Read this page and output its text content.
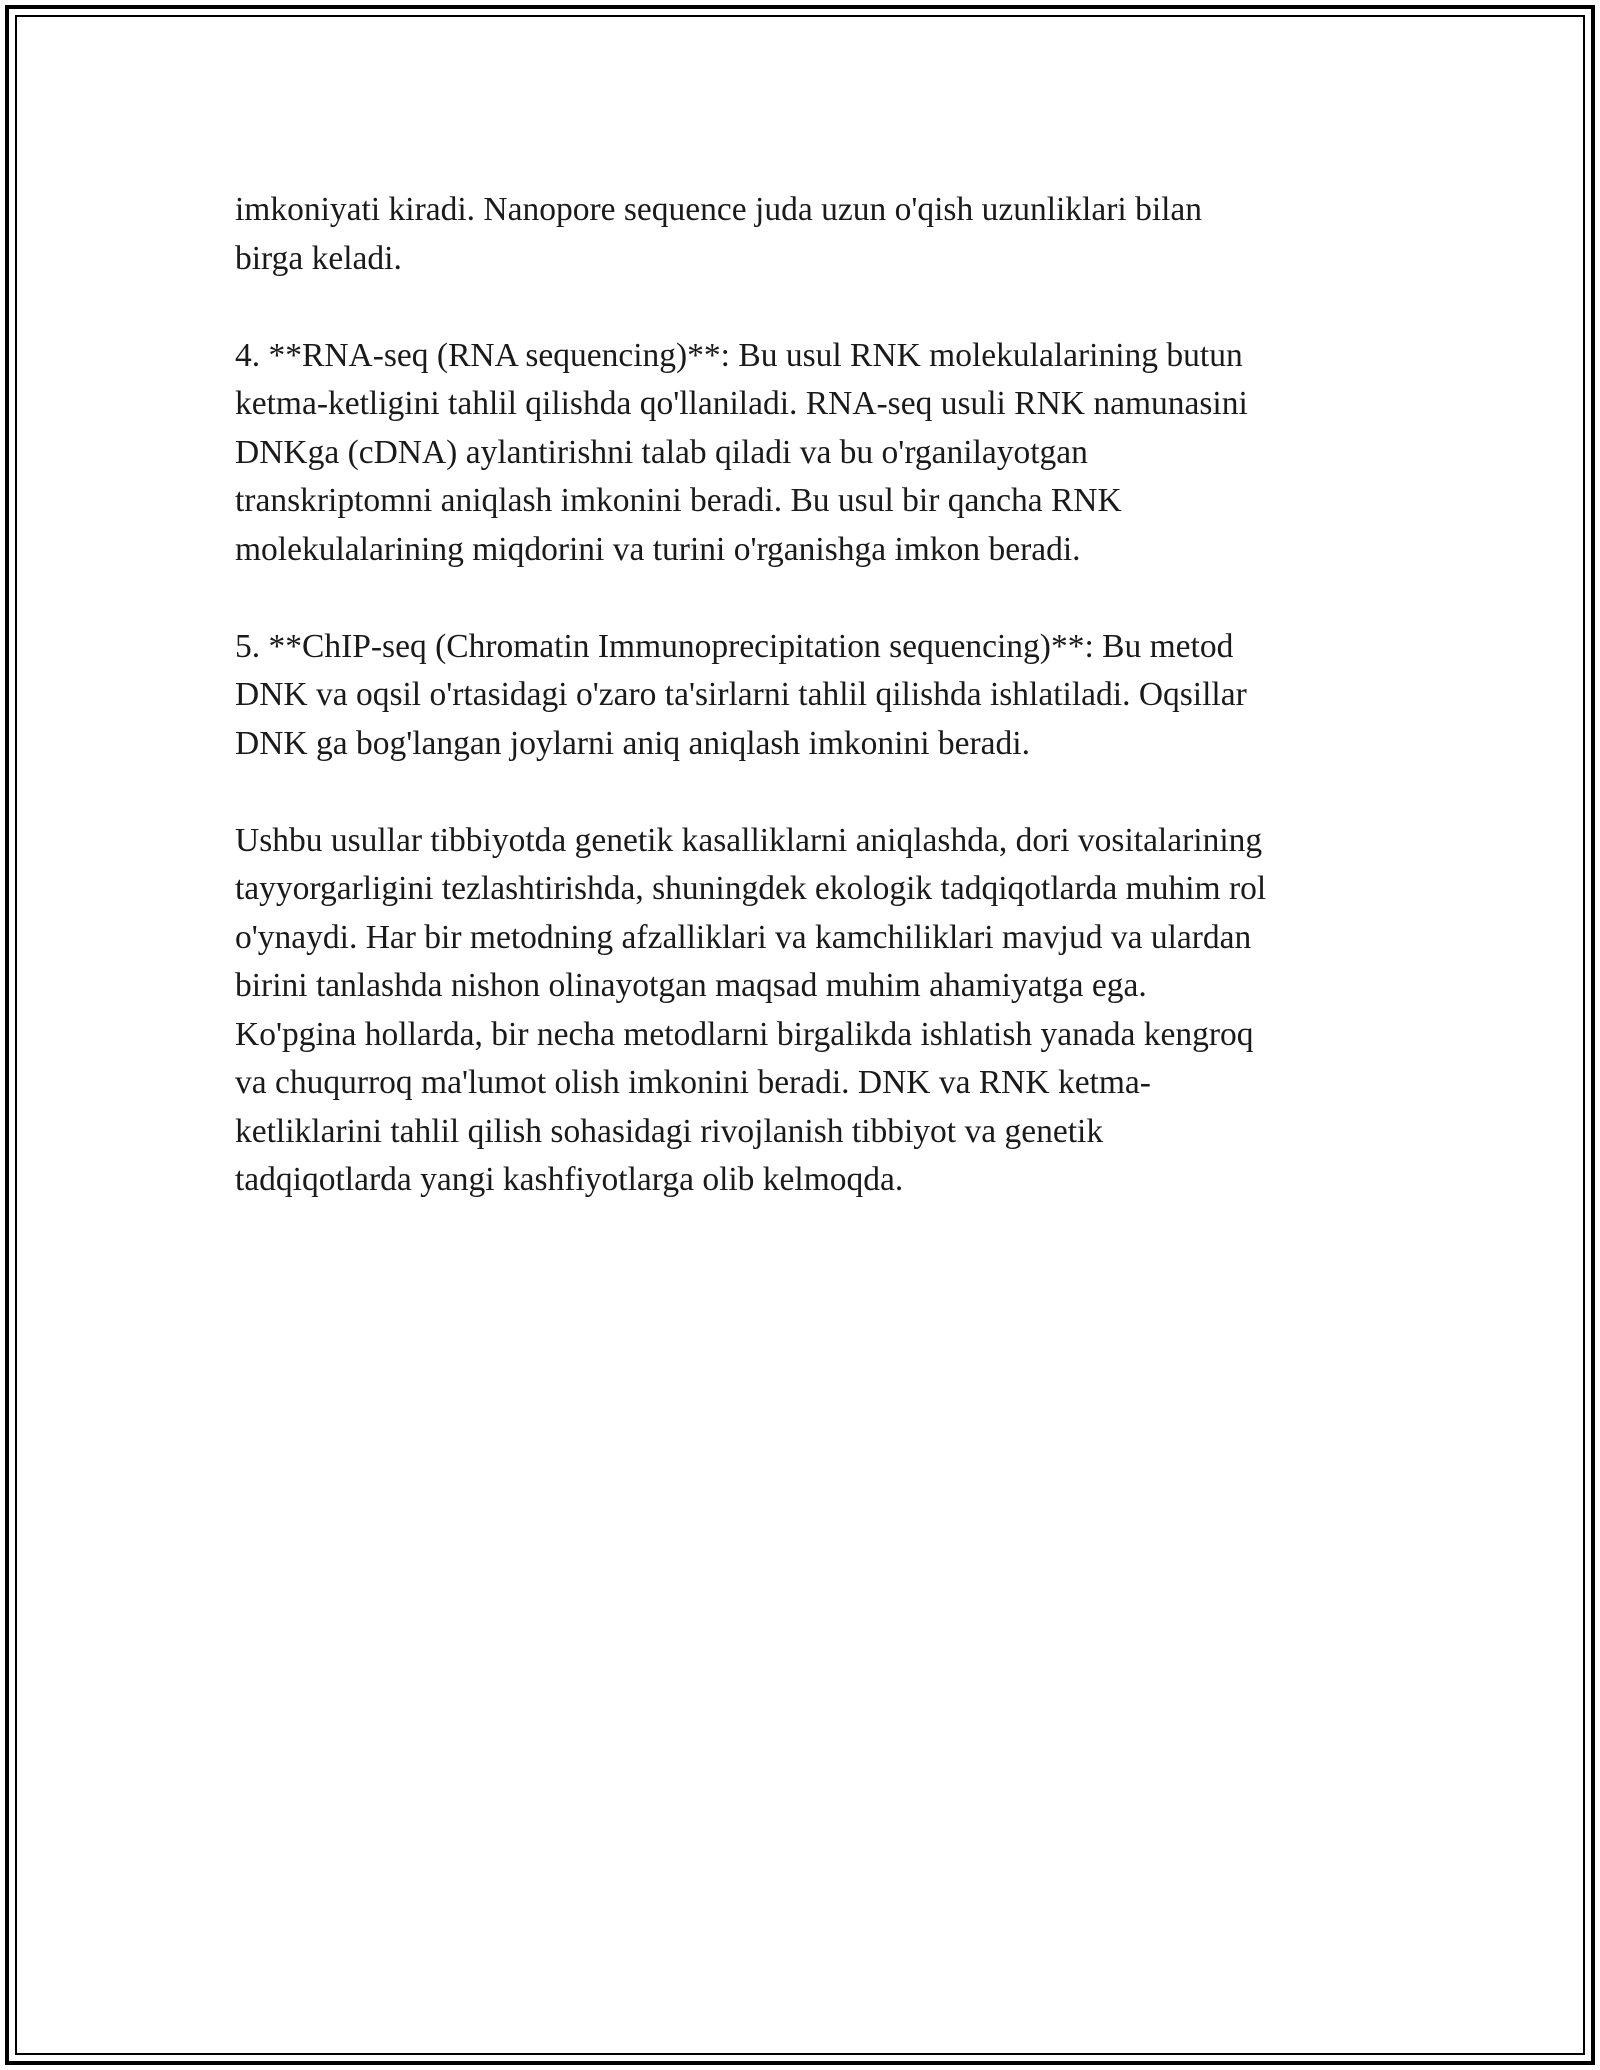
imkoniyati kiradi. Nanopore sequence juda uzun o'qish uzunliklari bilan
birga keladi.

4. **RNA-seq (RNA sequencing)**: Bu usul RNK molekulalarining butun
ketma-ketligini tahlil qilishda qo'llaniladi. RNA-seq usuli RNK namunasini
DNKga (cDNA) aylantirishni talab qiladi va bu o'rganilayotgan
transkriptomni aniqlash imkonini beradi. Bu usul bir qancha RNK
molekulalarining miqdorini va turini o'rganishga imkon beradi.

5. **ChIP-seq (Chromatin Immunoprecipitation sequencing)**: Bu metod
DNK va oqsil o'rtasidagi o'zaro ta'sirlarni tahlil qilishda ishlatiladi. Oqsillar
DNK ga bog'langan joylarni aniq aniqlash imkonini beradi.

Ushbu usullar tibbiyotda genetik kasalliklarni aniqlashda, dori vositalarining
tayyorgarligini tezlashtirishda, shuningdek ekologik tadqiqotlarda muhim rol
o'ynaydi. Har bir metodning afzalliklari va kamchiliklari mavjud va ulardan
birini tanlashda nishon olinayotgan maqsad muhim ahamiyatga ega.
Ko'pgina hollarda, bir necha metodlarni birgalikda ishlatish yanada kengroq
va chuqurroq ma'lumot olish imkonini beradi. DNK va RNK ketma-
ketliklarini tahlil qilish sohasidagi rivojlanish tibbiyot va genetik
tadqiqotlarda yangi kashfiyotlarga olib kelmoqda.
